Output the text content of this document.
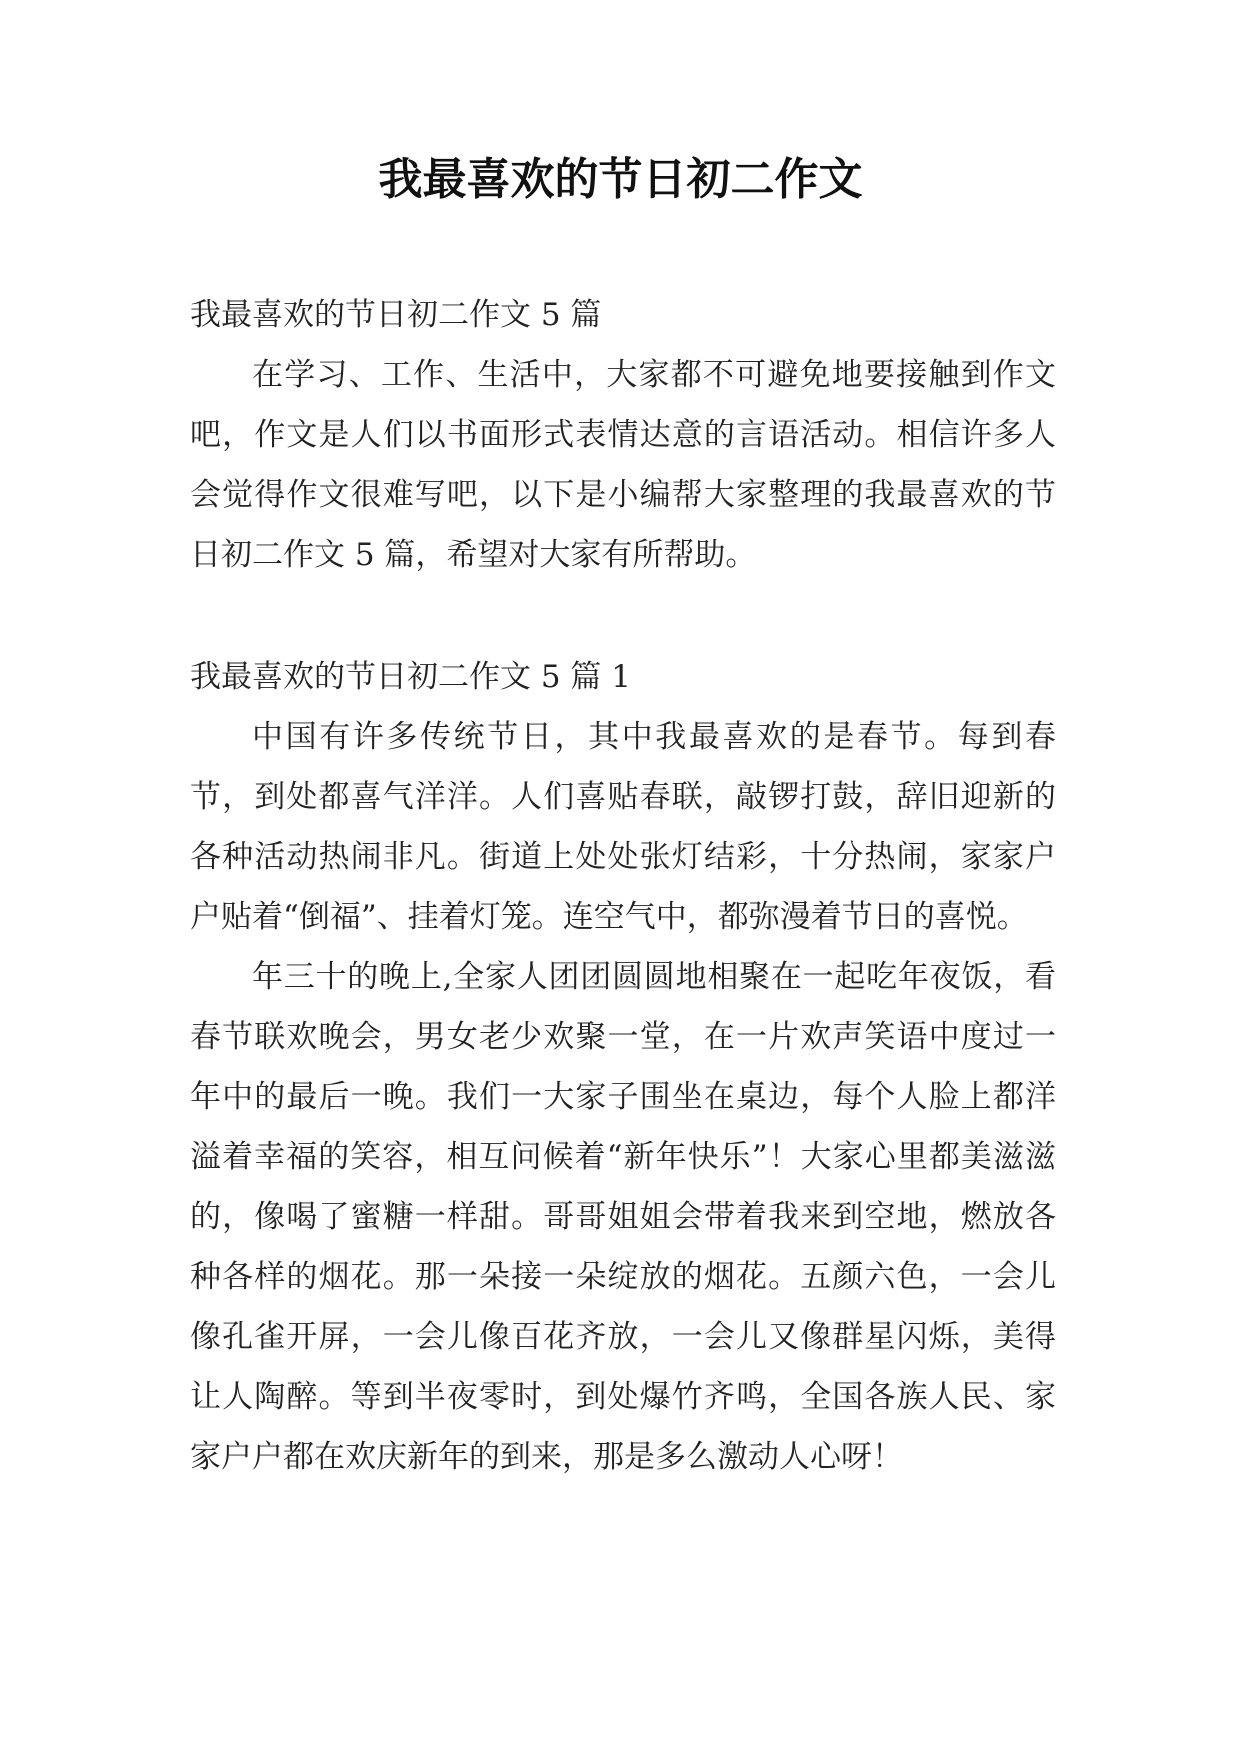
我最喜欢的节日初二作文

我最喜欢的节日初二作文 5 篇

在学习、工作、生活中，大家都不可避免地要接触到作文吧，作文是人们以书面形式表情达意的言语活动。相信许多人会觉得作文很难写吧，以下是小编帮大家整理的我最喜欢的节日初二作文 5 篇，希望对大家有所帮助。

我最喜欢的节日初二作文 5 篇 1

中国有许多传统节日，其中我最喜欢的是春节。每到春节，到处都喜气洋洋。人们喜贴春联，敲锣打鼓，辞旧迎新的各种活动热闹非凡。街道上处处张灯结彩，十分热闹，家家户户贴着“倒福”、挂着灯笼。连空气中，都弥漫着节日的喜悦。

年三十的晚上,全家人团团圆圆地相聚在一起吃年夜饭，看春节联欢晚会，男女老少欢聚一堂，在一片欢声笑语中度过一年中的最后一晚。我们一大家子围坐在桌边，每个人脸上都洋溢着幸福的笑容，相互问候着“新年快乐”！大家心里都美滋滋的，像喝了蜜糖一样甜。哥哥姐姐会带着我来到空地，燃放各种各样的烟花。那一朵接一朵绽放的烟花。五颜六色，一会儿像孔雀开屏，一会儿像百花齐放，一会儿又像群星闪烁，美得让人陶醉。等到半夜零时，到处爆竹齐鸣，全国各族人民、家家户户都在欢庆新年的到来，那是多么激动人心呀！
